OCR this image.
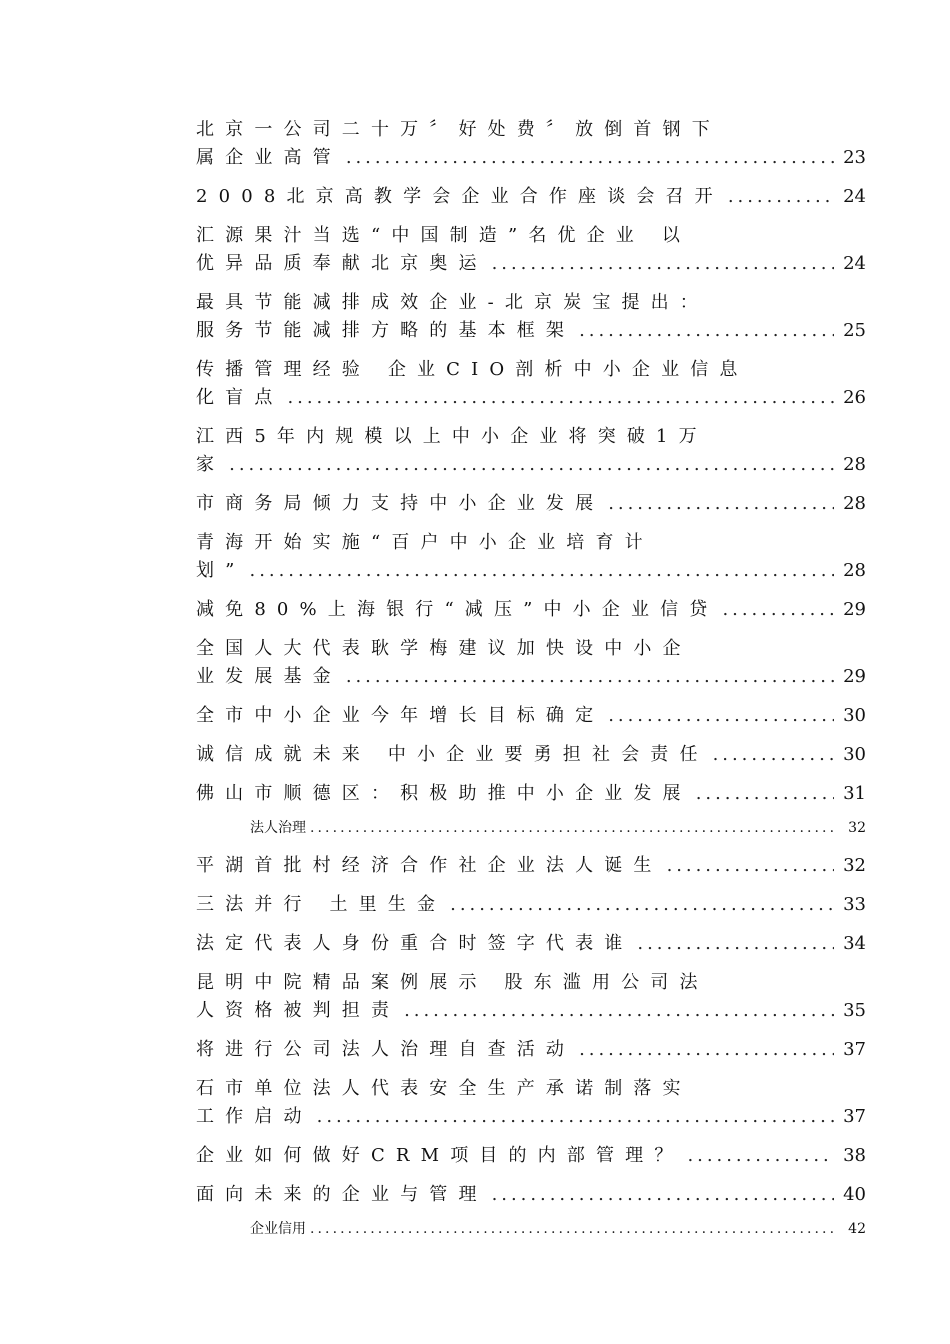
北京一公司二十万〞好处费〞放倒首钢下
属企业高管 .....	23
2008北京高教学会企业合作座谈会召开 .....	24
汇源果汁当选“中国制造”名优企业 以
优异品质奉献北京奥运 .....	24
最具节能减排成效企业-北京炭宝提出：
服务节能减排方略的基本框架 .....	25
传播管理经验 企业CIO剖析中小企业信息
化盲点 .....	26
江西5年内规模以上中小企业将突破1万
家 .....	28
市商务局倾力支持中小企业发展 .....	28
青海开始实施“百户中小企业培育计
划” .....	28
减免80%上海银行“减压”中小企业信贷 .....	29
全国人大代表耿学梅建议加快设中小企
业发展基金 .....	29
全市中小企业今年增长目标确定 .....	30
诚信成就未来 中小企业要勇担社会责任 .....	30
佛山市顺德区：积极助推中小企业发展 .....	31
法人治理 .....	32
平湖首批村经济合作社企业法人诞生 .....	32
三法并行 土里生金 .....	33
法定代表人身份重合时签字代表谁 .....	34
昆明中院精品案例展示 股东滥用公司法
人资格被判担责 .....	35
将进行公司法人治理自查活动 .....	37
石市单位法人代表安全生产承诺制落实
工作启动 .....	37
企业如何做好CRM项目的内部管理？ .....	38
面向未来的企业与管理 .....	40
企业信用 .....	42
